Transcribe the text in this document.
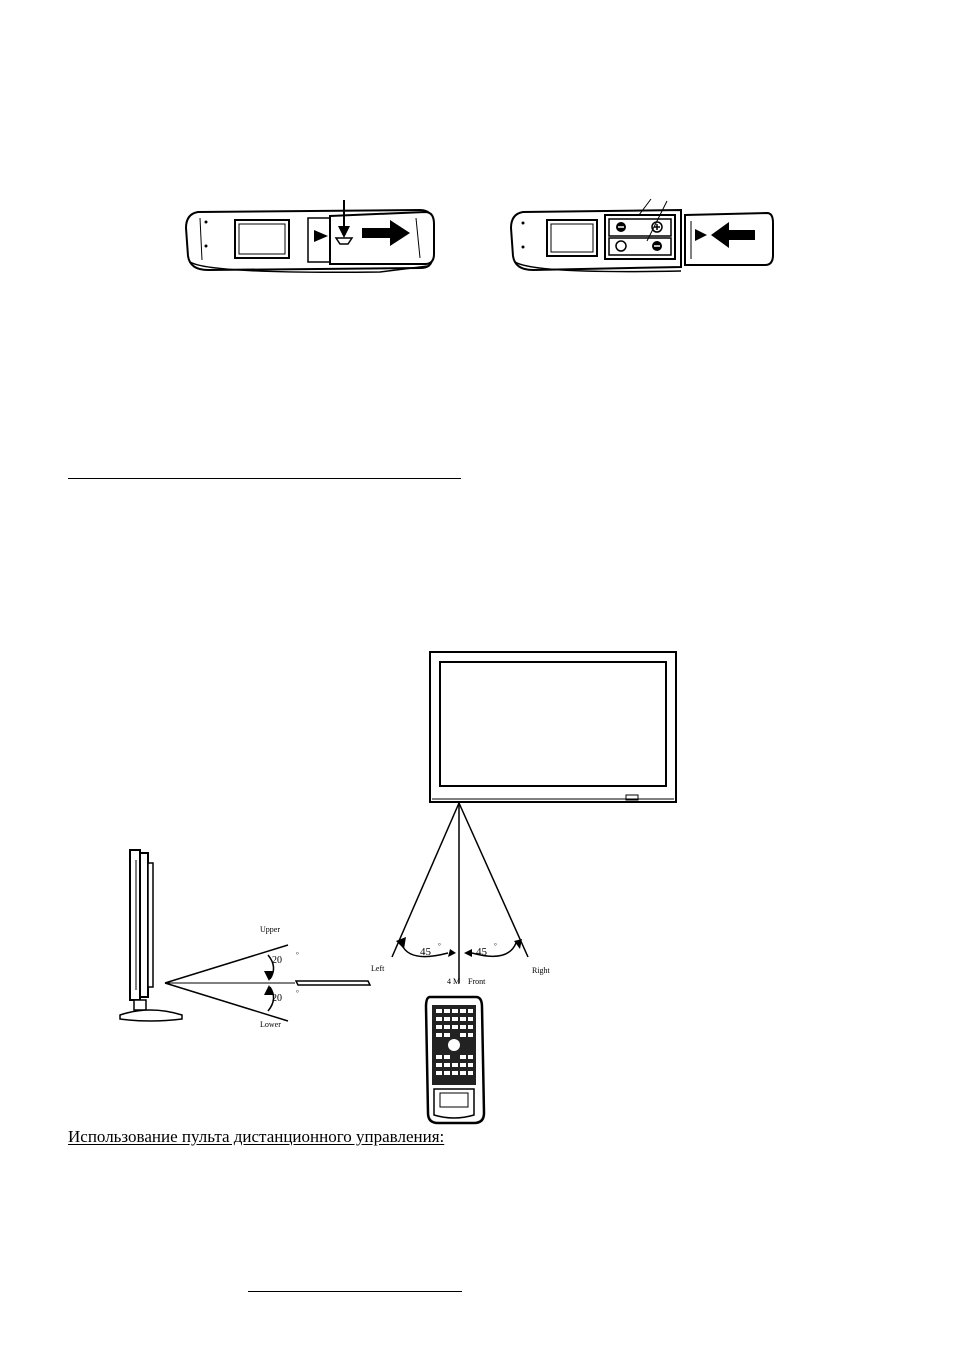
Upper
Lower
20 °
20 °
45 °	45 °
Left	Right
4 M Front
Использование пульта дистанционного управления:
